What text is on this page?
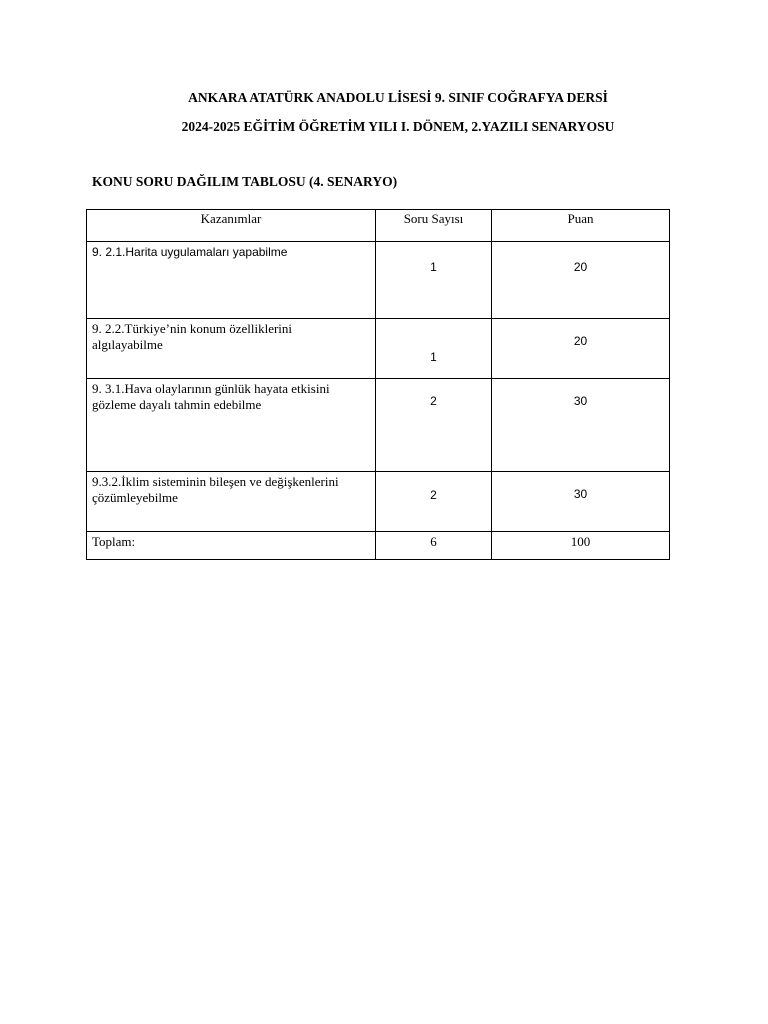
ANKARA ATATÜRK ANADOLU LİSESİ 9. SINIF COĞRAFYA DERSİ
2024-2025 EĞİTİM ÖĞRETİM YILI I. DÖNEM, 2.YAZILI SENARYOSU
KONU SORU DAĞILIM TABLOSU (4. SENARYO)
Kazanımlar	Soru Sayısı	Puan

9. 2.1.Harita uygulamaları yapabilme	1	20

9. 2.2.Türkiye’nin konum özelliklerini algılayabilme	1	20

9. 3.1.Hava olaylarının günlük hayata etkisini gözleme dayalı tahmin edebilme	2	30

9.3.2.İklim sisteminin bileşen ve değişkenlerini çözümleyebilme	2	30

Toplam:	6	100
